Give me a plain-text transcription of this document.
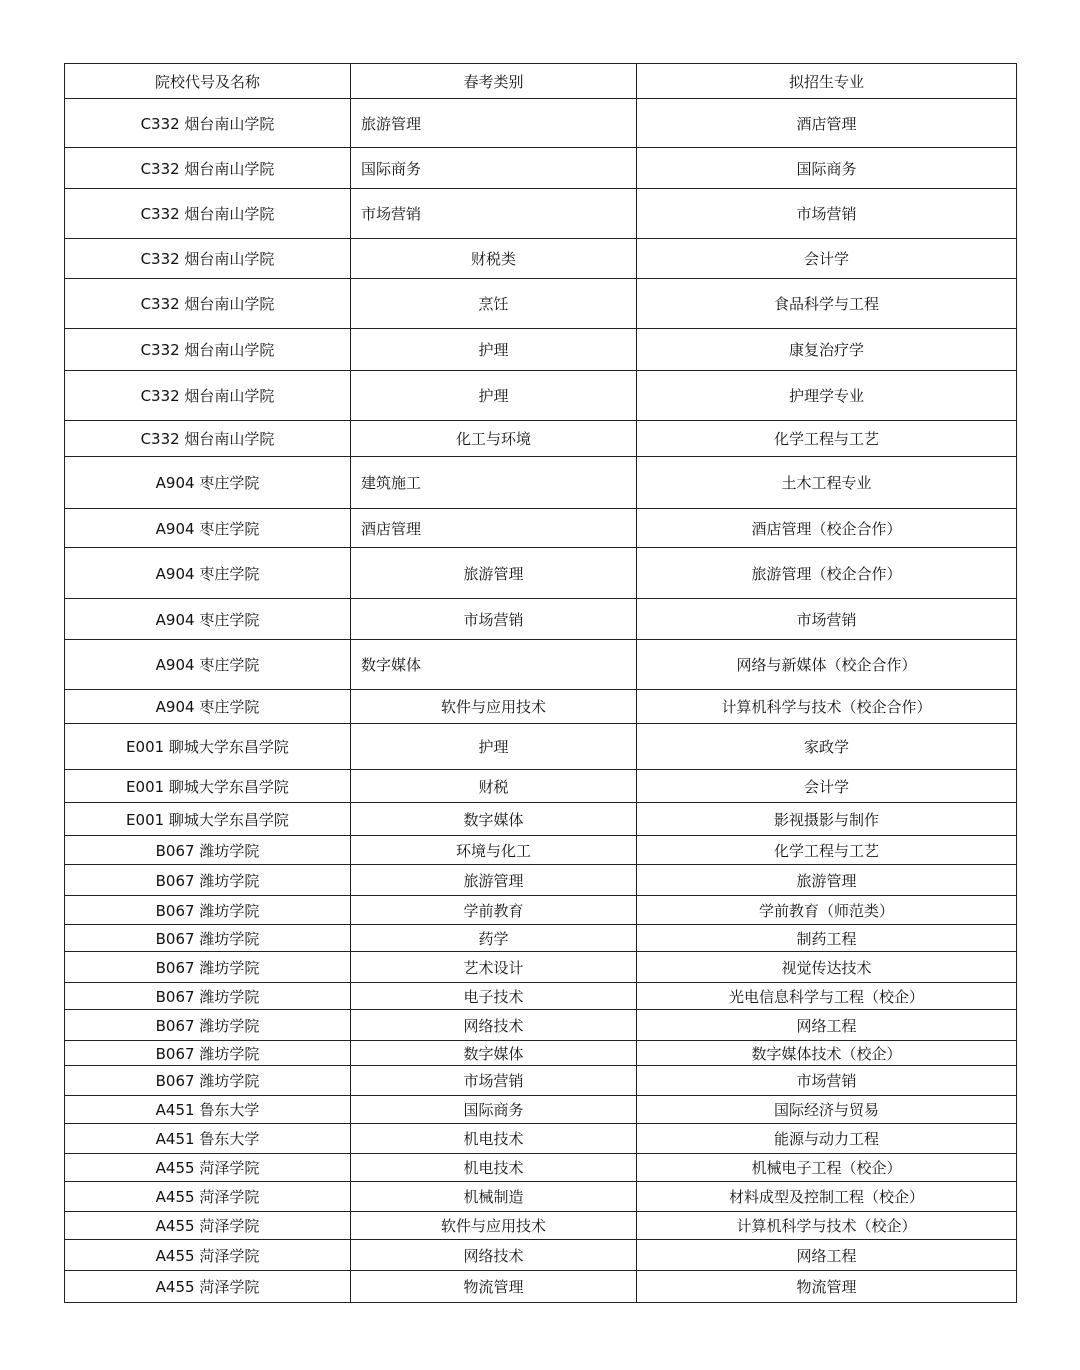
院校代号及名称	春考类别	拟招生专业
C332 烟台南山学院	旅游管理	酒店管理
C332 烟台南山学院	国际商务	国际商务
C332 烟台南山学院	市场营销	市场营销
C332 烟台南山学院	财税类	会计学
C332 烟台南山学院	烹饪	食品科学与工程
C332 烟台南山学院	护理	康复治疗学
C332 烟台南山学院	护理	护理学专业
C332 烟台南山学院	化工与环境	化学工程与工艺
A904 枣庄学院	建筑施工	土木工程专业
A904 枣庄学院	酒店管理	酒店管理（校企合作）
A904 枣庄学院	旅游管理	旅游管理（校企合作）
A904 枣庄学院	市场营销	市场营销
A904 枣庄学院	数字媒体	网络与新媒体（校企合作）
A904 枣庄学院	软件与应用技术	计算机科学与技术（校企合作）
E001 聊城大学东昌学院	护理	家政学
E001 聊城大学东昌学院	财税	会计学
E001 聊城大学东昌学院	数字媒体	影视摄影与制作
B067 潍坊学院	环境与化工	化学工程与工艺
B067 潍坊学院	旅游管理	旅游管理
B067 潍坊学院	学前教育	学前教育（师范类）
B067 潍坊学院	药学	制药工程
B067 潍坊学院	艺术设计	视觉传达技术
B067 潍坊学院	电子技术	光电信息科学与工程（校企）
B067 潍坊学院	网络技术	网络工程
B067 潍坊学院	数字媒体	数字媒体技术（校企）
B067 潍坊学院	市场营销	市场营销
A451 鲁东大学	国际商务	国际经济与贸易
A451 鲁东大学	机电技术	能源与动力工程
A455 菏泽学院	机电技术	机械电子工程（校企）
A455 菏泽学院	机械制造	材料成型及控制工程（校企）
A455 菏泽学院	软件与应用技术	计算机科学与技术（校企）
A455 菏泽学院	网络技术	网络工程
A455 菏泽学院	物流管理	物流管理
